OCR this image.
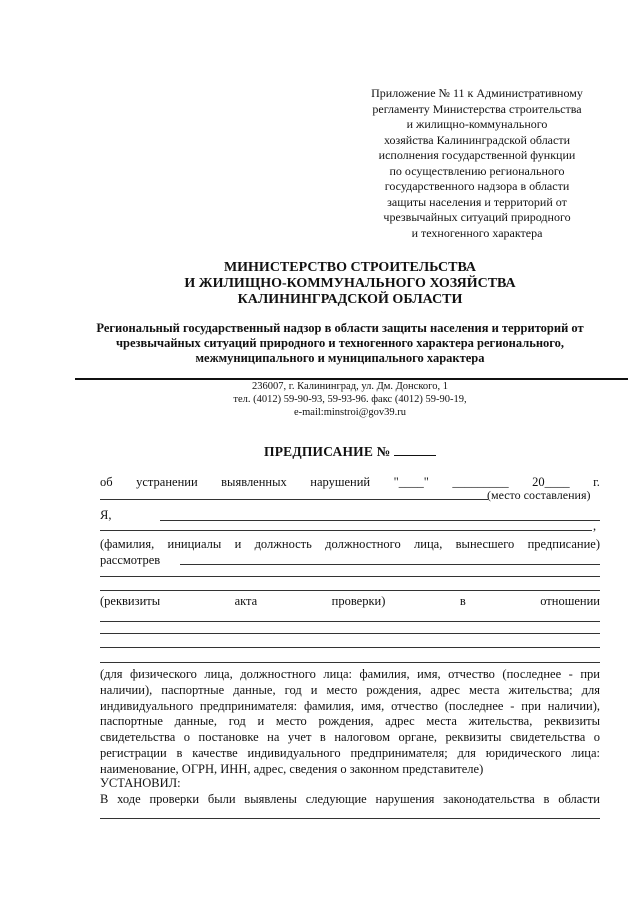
Приложение № 11 к Административному
регламенту Министерства строительства
и жилищно-коммунального
хозяйства Калининградской области
исполнения государственной функции
по осуществлению регионального
государственного надзора в области
защиты населения и территорий от
чрезвычайных ситуаций природного
и техногенного характера
МИНИСТЕРСТВО СТРОИТЕЛЬСТВА
И ЖИЛИЩНО-КОММУНАЛЬНОГО ХОЗЯЙСТВА
КАЛИНИНГРАДСКОЙ ОБЛАСТИ
Региональный государственный надзор в области защиты населения и территорий от
чрезвычайных ситуаций природного и техногенного характера регионального,
межмуниципального и муниципального характера
236007, г. Калининград, ул. Дм. Донского, 1
тел. (4012) 59-90-93, 59-93-96. факс (4012) 59-90-19,
e-mail:minstroi@gov39.ru
ПРЕДПИСАНИЕ №
об устранении выявленных нарушений "____" _________ 20____ г.
(место составления)
Я,
,
(фамилия, инициалы и должность должностного лица, вынесшего предписание)
рассмотрев
(реквизиты	акта	проверки)	в	отношении
(для физического лица, должностного лица: фамилия, имя, отчество (последнее - при наличии), паспортные данные, год и место рождения, адрес места жительства; для индивидуального предпринимателя: фамилия, имя, отчество (последнее - при наличии), паспортные данные, год и место рождения, адрес места жительства, реквизиты свидетельства о постановке на учет в налоговом органе, реквизиты свидетельства о регистрации в качестве индивидуального предпринимателя; для юридического лица: наименование, ОГРН, ИНН, адрес, сведения о законном представителе)
УСТАНОВИЛ:
В ходе проверки были выявлены следующие нарушения законодательства в области
